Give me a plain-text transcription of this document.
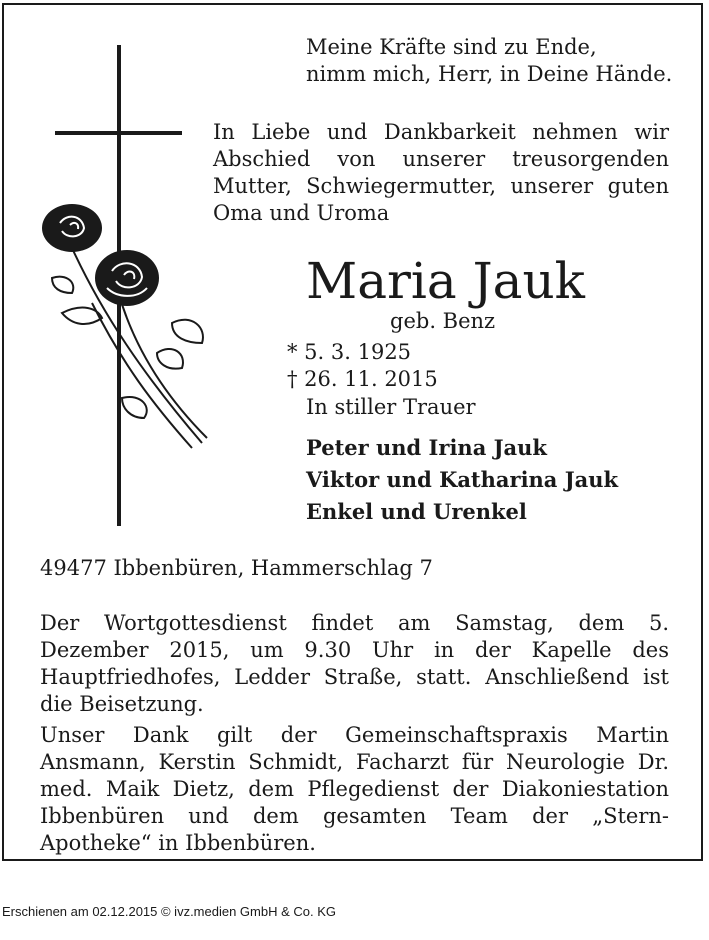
Meine Kräfte sind zu Ende,
nimm mich, Herr, in Deine Hände.

In Liebe und Dankbarkeit nehmen wir Abschied von unserer treusorgenden Mutter, Schwiegermutter, unserer guten Oma und Uroma

Maria Jauk

geb. Benz

* 5. 3. 1925  † 26. 11. 2015

In stiller Trauer

Peter und Irina Jauk
Viktor und Katharina Jauk
Enkel und Urenkel

49477 Ibbenbüren, Hammerschlag 7

Der Wortgottesdienst findet am Samstag, dem 5. Dezember 2015, um 9.30 Uhr in der Kapelle des Hauptfriedhofes, Ledder Straße, statt. Anschließend ist die Beisetzung.

Unser Dank gilt der Gemeinschaftspraxis Martin Ansmann, Kerstin Schmidt, Facharzt für Neurologie Dr. med. Maik Dietz, dem Pflegedienst der Diakoniestation Ibbenbüren und dem gesamten Team der „Stern-Apotheke“ in Ibbenbüren.

Erschienen am 02.12.2015 © ivz.medien GmbH & Co. KG
